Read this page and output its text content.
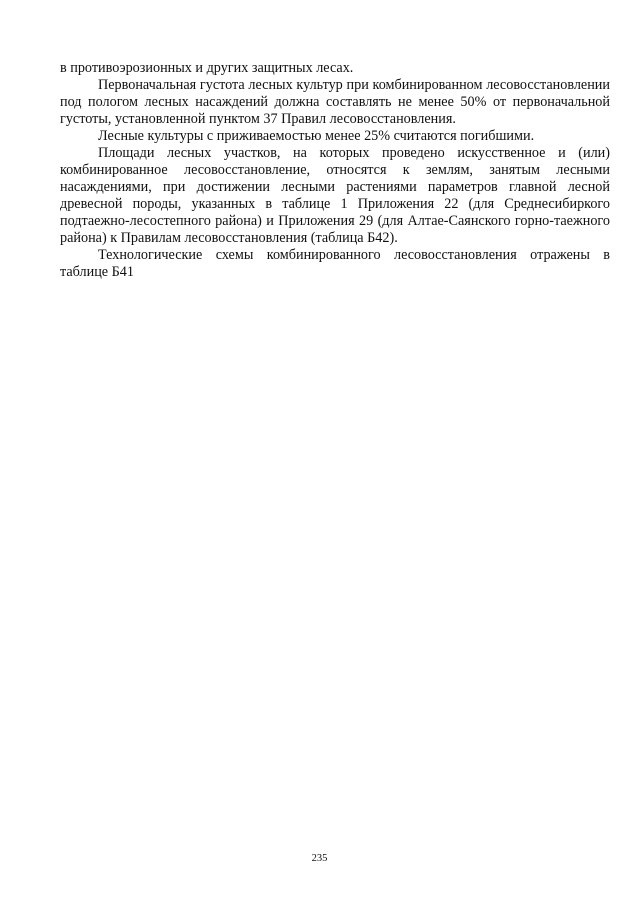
в противоэрозионных и других защитных лесах.

Первоначальная густота лесных культур при комбинированном лесовосстановлении под пологом лесных насаждений должна составлять не менее 50% от первоначальной густоты, установленной пунктом 37 Правил лесовосстановления.

Лесные культуры с приживаемостью менее 25% считаются погибшими.

Площади лесных участков, на которых проведено искусственное и (или) комбинированное лесовосстановление, относятся к землям, занятым лесными насаждениями, при достижении лесными растениями параметров главной лесной древесной породы, указанных в таблице 1 Приложения 22 (для Среднесибиркого подтаежно-лесостепного района) и Приложения 29 (для Алтае-Саянского горно-таежного района) к Правилам лесовосстановления (таблица Б42).

Технологические схемы комбинированного лесовосстановления отражены в таблице Б41

235
